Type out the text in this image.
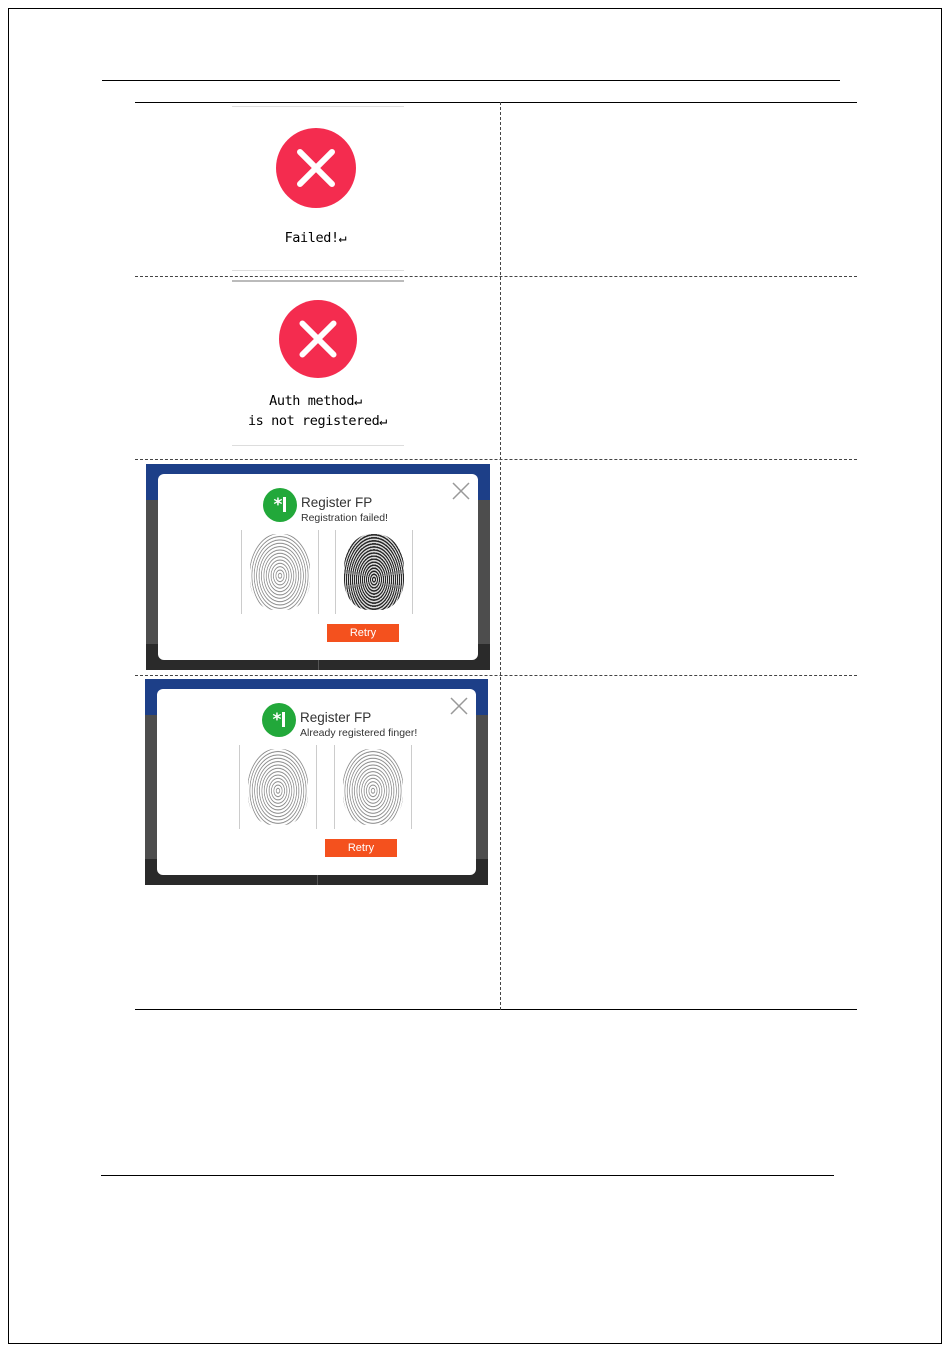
Failed!↵
Auth method↵
is not registered↵
*	Register FP
Registration failed!
Retry
*	Register FP
Already registered finger!
Retry
